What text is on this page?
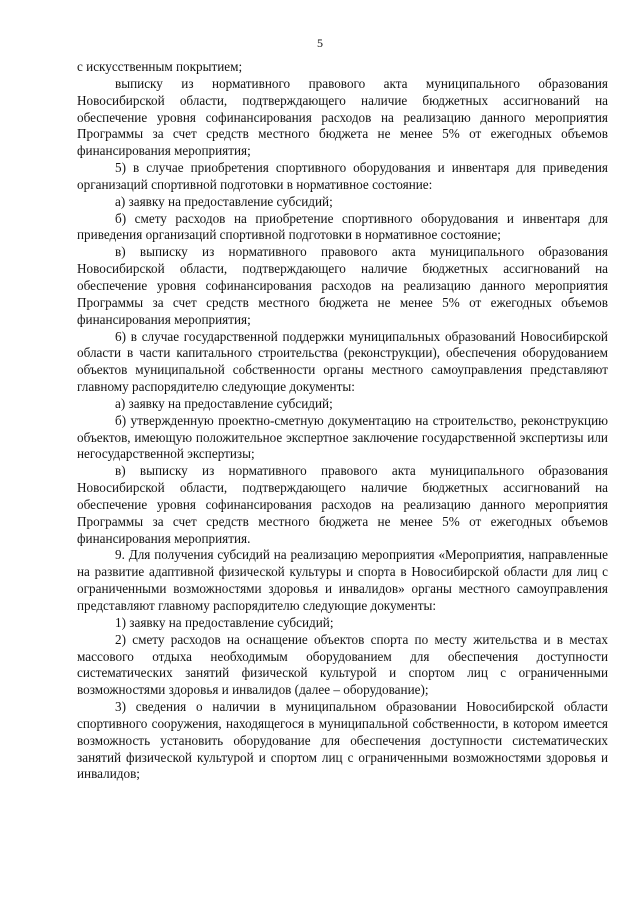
5

с искусственным покрытием;

выписку из нормативного правового акта муниципального образования Новосибирской области, подтверждающего наличие бюджетных ассигнований на обеспечение уровня софинансирования расходов на реализацию данного мероприятия Программы за счет средств местного бюджета не менее 5% от ежегодных объемов финансирования мероприятия;

5) в случае приобретения спортивного оборудования и инвентаря для приведения организаций спортивной подготовки в нормативное состояние:

а) заявку на предоставление субсидий;

б) смету расходов на приобретение спортивного оборудования и инвентаря для приведения организаций спортивной подготовки в нормативное состояние;

в) выписку из нормативного правового акта муниципального образования Новосибирской области, подтверждающего наличие бюджетных ассигнований на обеспечение уровня софинансирования расходов на реализацию данного мероприятия Программы за счет средств местного бюджета не менее 5% от ежегодных объемов финансирования мероприятия;

6) в случае государственной поддержки муниципальных образований Новосибирской области в части капитального строительства (реконструкции), обеспечения оборудованием объектов муниципальной собственности органы местного самоуправления представляют главному распорядителю следующие документы:

а) заявку на предоставление субсидий;

б) утвержденную проектно-сметную документацию на строительство, реконструкцию объектов, имеющую положительное экспертное заключение государственной экспертизы или негосударственной экспертизы;

в) выписку из нормативного правового акта муниципального образования Новосибирской области, подтверждающего наличие бюджетных ассигнований на обеспечение уровня софинансирования расходов на реализацию данного мероприятия Программы за счет средств местного бюджета не менее 5% от ежегодных объемов финансирования мероприятия.

9. Для получения субсидий на реализацию мероприятия «Мероприятия, направленные на развитие адаптивной физической культуры и спорта в Новосибирской области для лиц с ограниченными возможностями здоровья и инвалидов» органы местного самоуправления представляют главному распорядителю следующие документы:

1) заявку на предоставление субсидий;

2) смету расходов на оснащение объектов спорта по месту жительства и в местах массового отдыха необходимым оборудованием для обеспечения доступности систематических занятий физической культурой и спортом лиц с ограниченными возможностями здоровья и инвалидов (далее – оборудование);

3) сведения о наличии в муниципальном образовании Новосибирской области спортивного сооружения, находящегося в муниципальной собственности, в котором имеется возможность установить оборудование для обеспечения доступности систематических занятий физической культурой и спортом лиц с ограниченными возможностями здоровья и инвалидов;
